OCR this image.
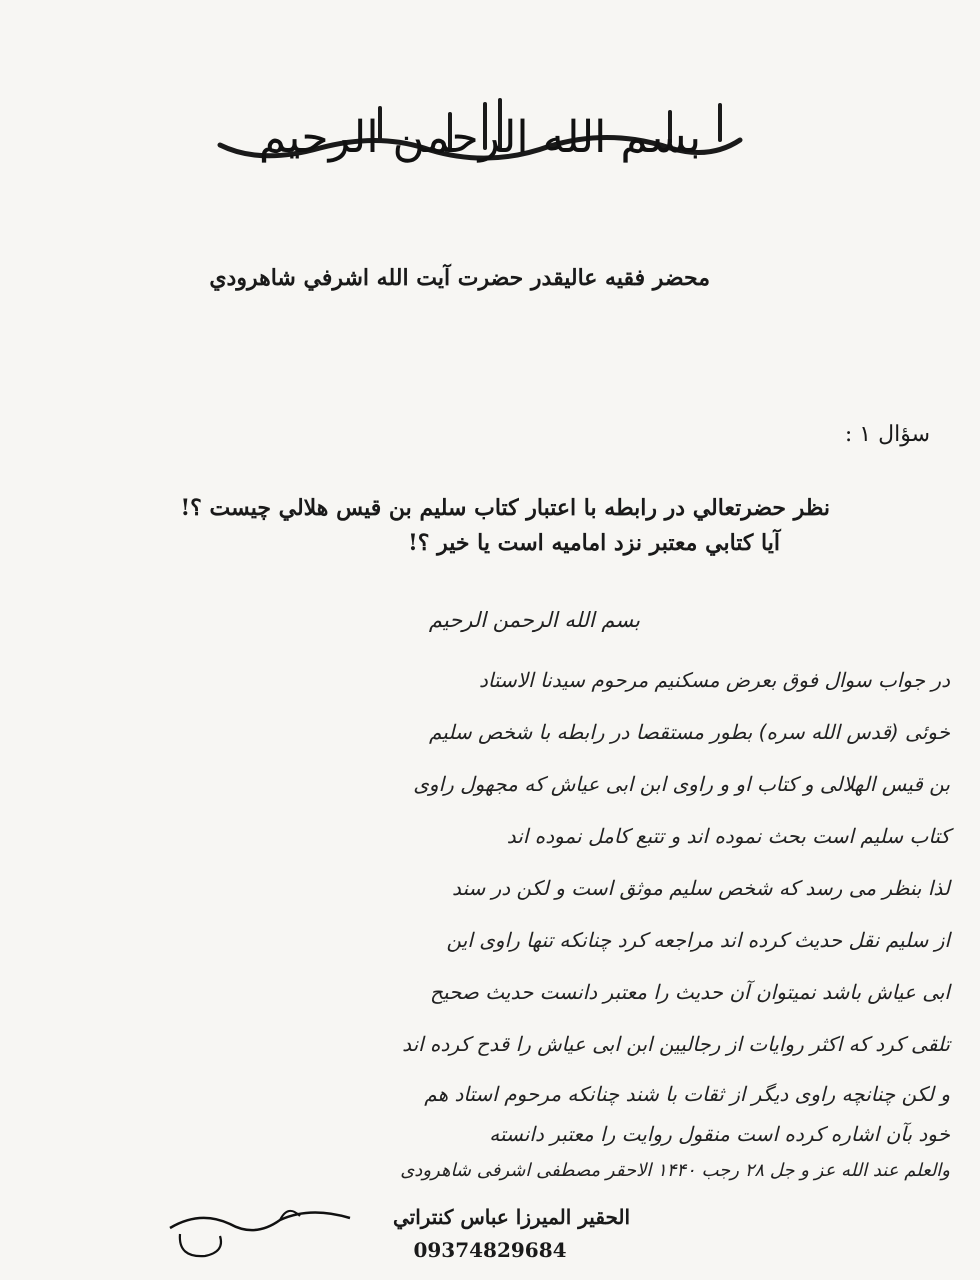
بسم الله الرحمن الرحيم
محضر فقيه عاليقدر حضرت آيت الله اشرفي شاهرودي
سؤال ۱ :
نظر حضرتعالي در رابطه با اعتبار کتاب سليم بن قيس هلالي چيست ؟!
آيا کتابي معتبر نزد اماميه است يا خير ؟!
بسم الله الرحمن الرحيم
در جواب سوال فوق بعرض مسکنیم مرحوم سیدنا الاستاد
خوئی (قدس الله سره) بطور مستقصا در رابطه با شخص سلیم
بن قیس الهلالی و کتاب او و راوی ابن ابی عیاش که مجهول راوی
کتاب سلیم است بحث نموده اند و تتبع کامل نموده اند
لذا بنظر می رسد که شخص سلیم موثق است و لکن در سند
از سلیم نقل حدیث کرده اند مراجعه کرد چنانکه تنها راوی این
ابی عیاش باشد نمیتوان آن حدیث را معتبر دانست حدیث صحیح
تلقی کرد که اکثر روایات از رجالیین ابن ابی عیاش را قدح کرده اند
و لکن چنانچه راوی دیگر از ثقات با شند چنانکه مرحوم استاد هم
خود بآن اشاره کرده است منقول روایت را معتبر دانسته
والعلم عند الله عز و جل ۲۸ رجب ۱۴۴۰ الاحقر مصطفی اشرفی شاهرودی
الحقير الميرزا عباس کنتراتي
09374829684
